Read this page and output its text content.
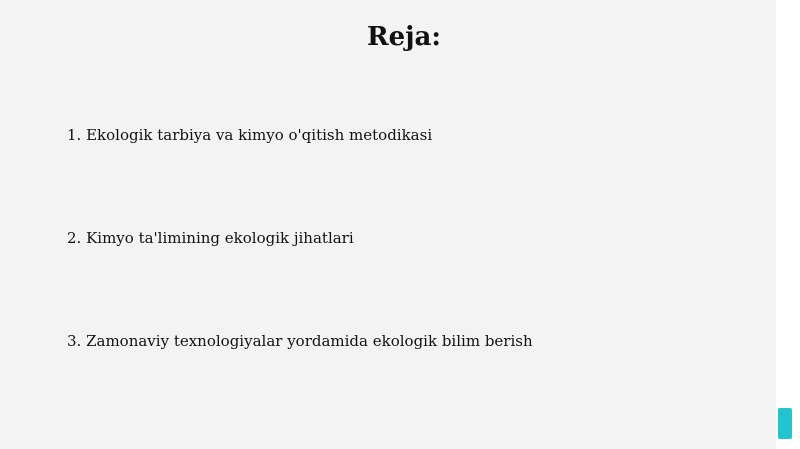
Reja:
1. Ekologik tarbiya va kimyo o'qitish metodikasi
2. Kimyo ta'limining ekologik jihatlari
3. Zamonaviy texnologiyalar yordamida ekologik bilim berish
